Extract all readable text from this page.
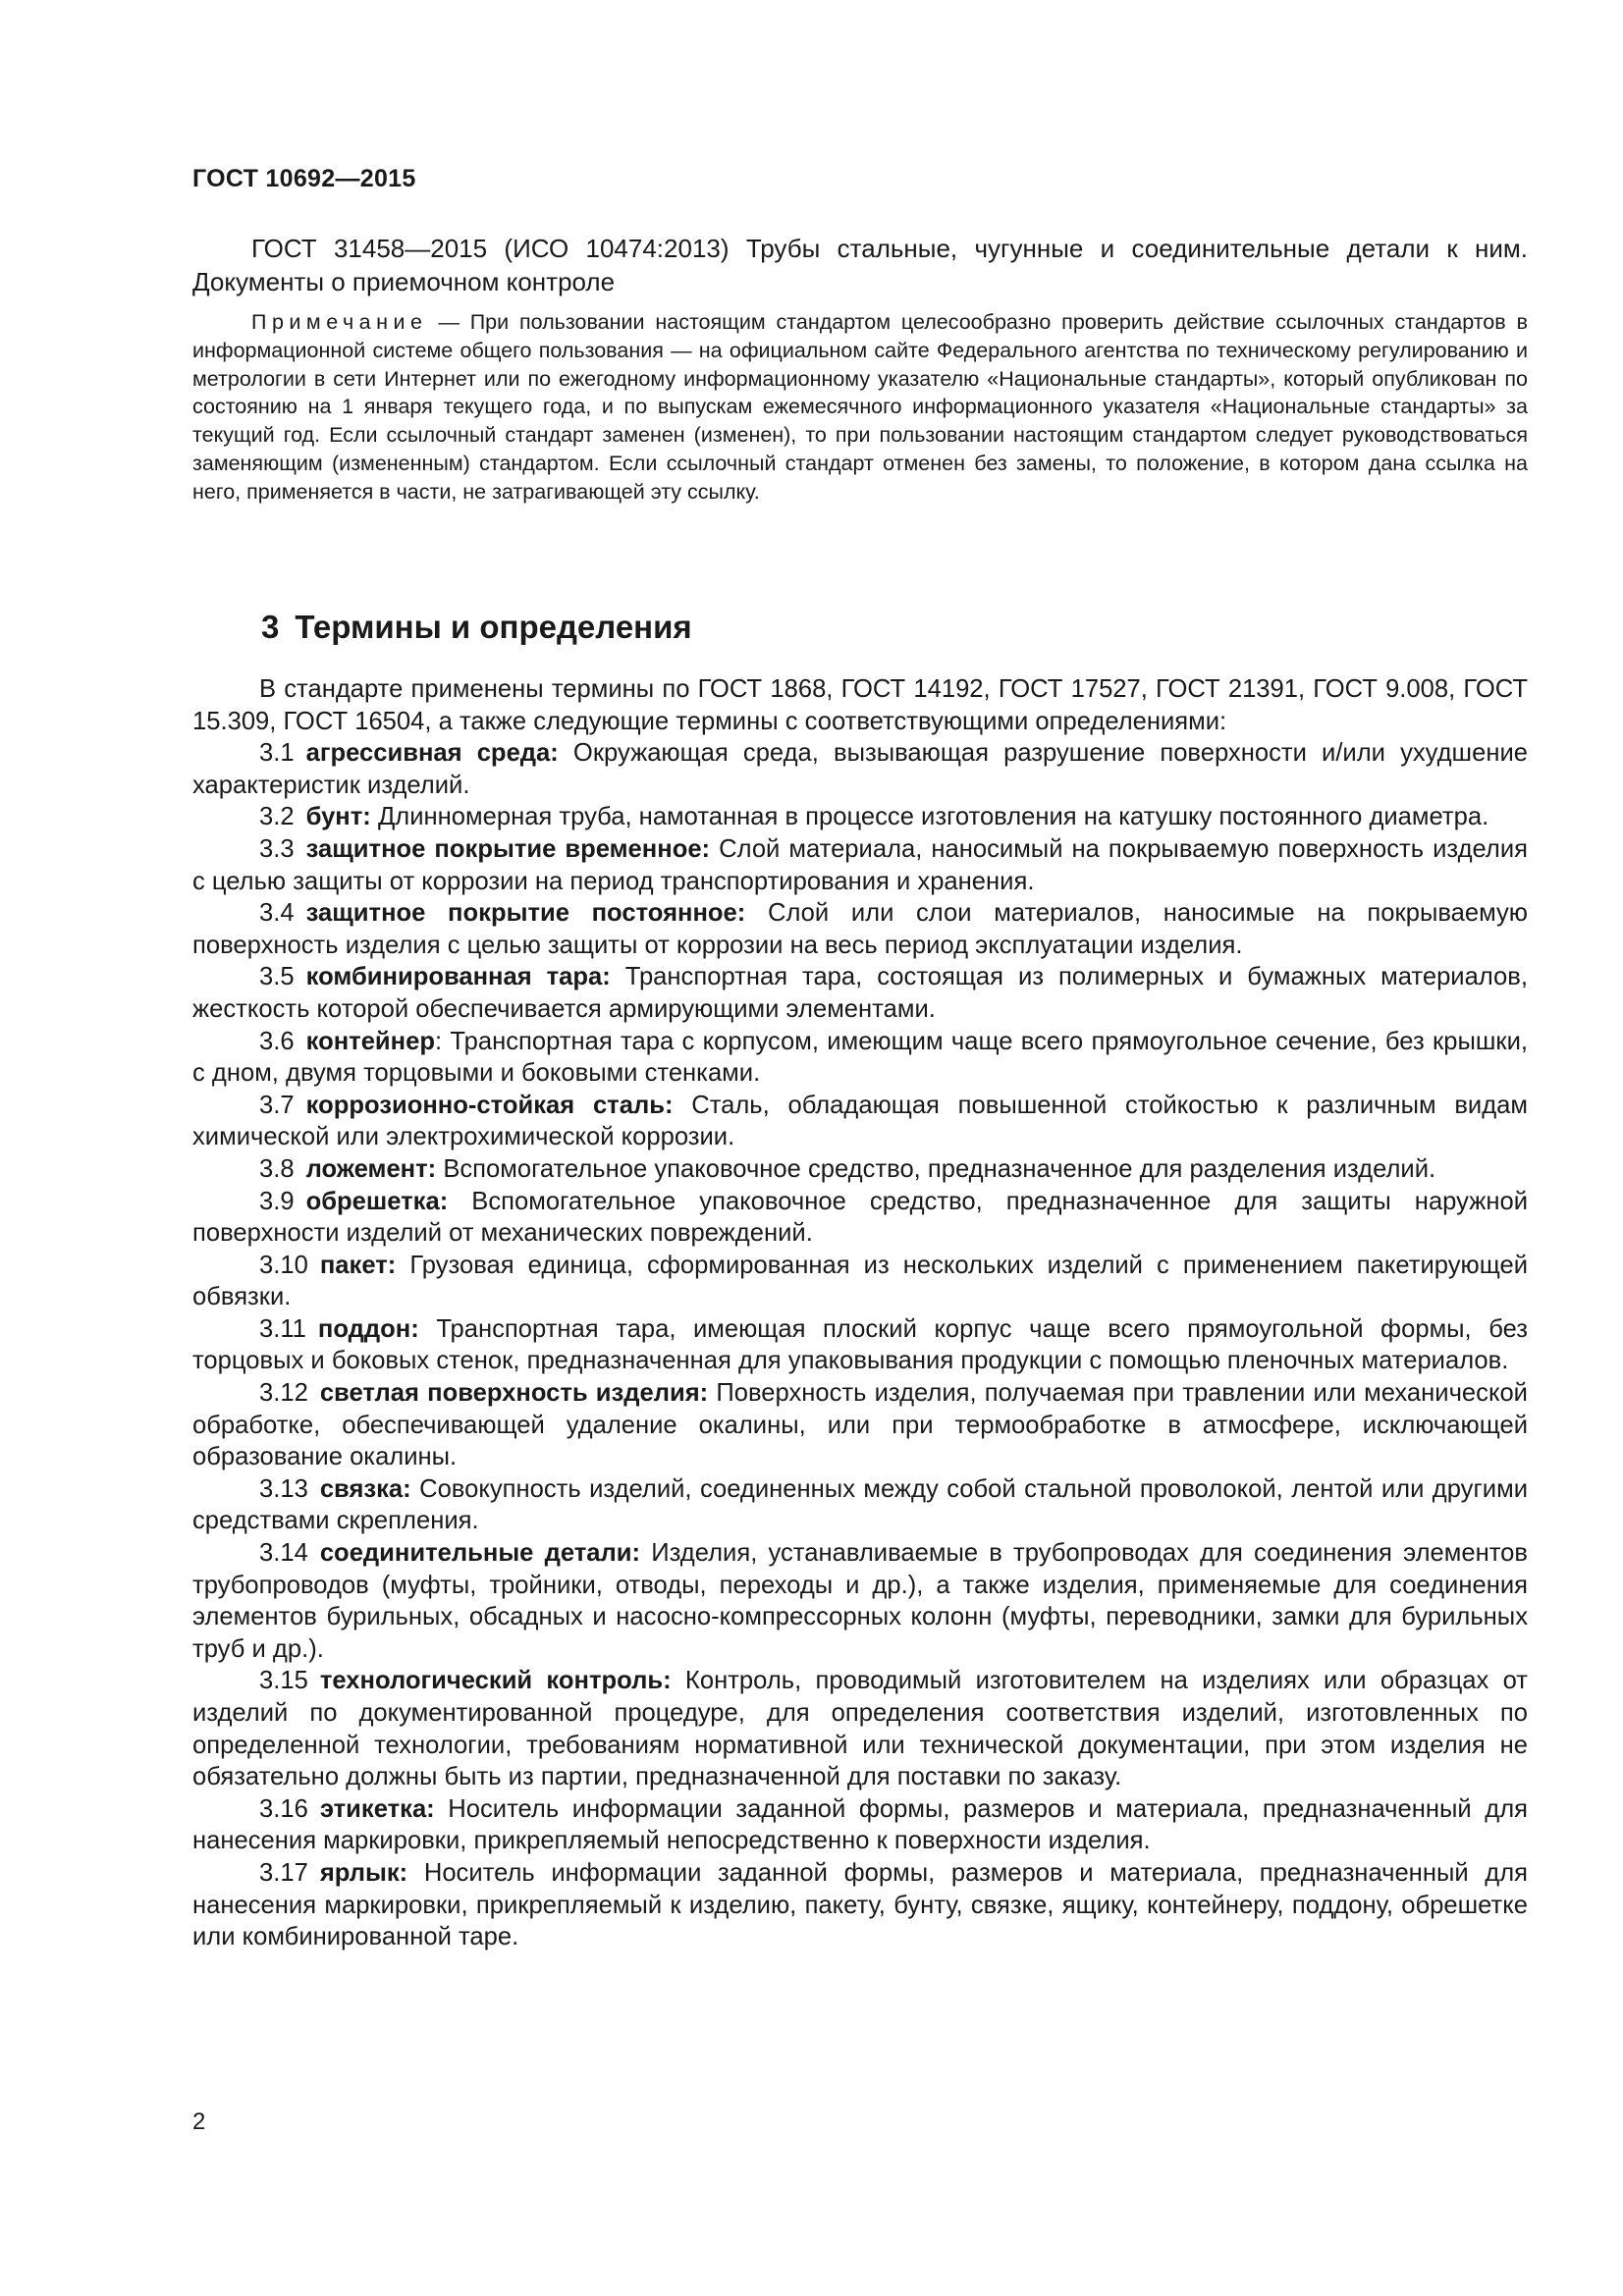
ГОСТ 10692—2015

ГОСТ 31458—2015 (ИСО 10474:2013) Трубы стальные, чугунные и соединительные детали к ним. Документы о приемочном контроле

Примечание — При пользовании настоящим стандартом целесообразно проверить действие ссылочных стандартов в информационной системе общего пользования — на официальном сайте Федерального агентства по техническому регулированию и метрологии в сети Интернет или по ежегодному информационному указателю «Национальные стандарты», который опубликован по состоянию на 1 января текущего года, и по выпускам ежемесячного информационного указателя «Национальные стандарты» за текущий год. Если ссылочный стандарт заменен (изменен), то при пользовании настоящим стандартом следует руководствоваться заменяющим (измененным) стандартом. Если ссылочный стандарт отменен без замены, то положение, в котором дана ссылка на него, применяется в части, не затрагивающей эту ссылку.

3 Термины и определения

В стандарте применены термины по ГОСТ 1868, ГОСТ 14192, ГОСТ 17527, ГОСТ 21391, ГОСТ 9.008, ГОСТ 15.309, ГОСТ 16504, а также следующие термины с соответствующими определениями:

3.1 агрессивная среда: Окружающая среда, вызывающая разрушение поверхности и/или ухудшение характеристик изделий.

3.2 бунт: Длинномерная труба, намотанная в процессе изготовления на катушку постоянного диаметра.

3.3 защитное покрытие временное: Слой материала, наносимый на покрываемую поверхность изделия с целью защиты от коррозии на период транспортирования и хранения.

3.4 защитное покрытие постоянное: Слой или слои материалов, наносимые на покрываемую поверхность изделия с целью защиты от коррозии на весь период эксплуатации изделия.

3.5 комбинированная тара: Транспортная тара, состоящая из полимерных и бумажных материалов, жесткость которой обеспечивается армирующими элементами.

3.6 контейнер: Транспортная тара с корпусом, имеющим чаще всего прямоугольное сечение, без крышки, с дном, двумя торцовыми и боковыми стенками.

3.7 коррозионно-стойкая сталь: Сталь, обладающая повышенной стойкостью к различным видам химической или электрохимической коррозии.

3.8 ложемент: Вспомогательное упаковочное средство, предназначенное для разделения изделий.

3.9 обрешетка: Вспомогательное упаковочное средство, предназначенное для защиты наружной поверхности изделий от механических повреждений.

3.10 пакет: Грузовая единица, сформированная из нескольких изделий с применением пакетирующей обвязки.

3.11 поддон: Транспортная тара, имеющая плоский корпус чаще всего прямоугольной формы, без торцовых и боковых стенок, предназначенная для упаковывания продукции с помощью пленочных материалов.

3.12 светлая поверхность изделия: Поверхность изделия, получаемая при травлении или механической обработке, обеспечивающей удаление окалины, или при термообработке в атмосфере, исключающей образование окалины.

3.13 связка: Совокупность изделий, соединенных между собой стальной проволокой, лентой или другими средствами скрепления.

3.14 соединительные детали: Изделия, устанавливаемые в трубопроводах для соединения элементов трубопроводов (муфты, тройники, отводы, переходы и др.), а также изделия, применяемые для соединения элементов бурильных, обсадных и насосно-компрессорных колонн (муфты, переводники, замки для бурильных труб и др.).

3.15 технологический контроль: Контроль, проводимый изготовителем на изделиях или образцах от изделий по документированной процедуре, для определения соответствия изделий, изготовленных по определенной технологии, требованиям нормативной или технической документации, при этом изделия не обязательно должны быть из партии, предназначенной для поставки по заказу.

3.16 этикетка: Носитель информации заданной формы, размеров и материала, предназначенный для нанесения маркировки, прикрепляемый непосредственно к поверхности изделия.

3.17 ярлык: Носитель информации заданной формы, размеров и материала, предназначенный для нанесения маркировки, прикрепляемый к изделию, пакету, бунту, связке, ящику, контейнеру, поддону, обрешетке или комбинированной таре.

2
